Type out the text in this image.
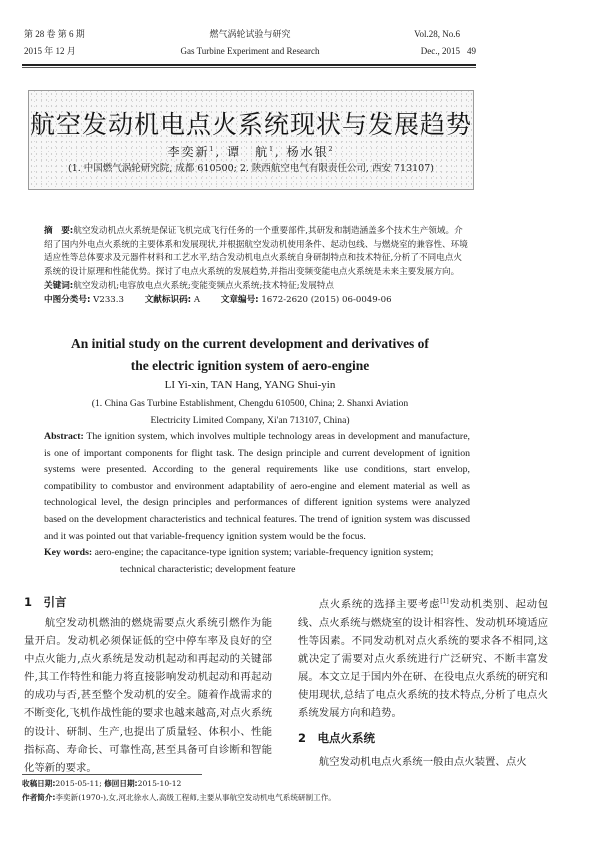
第 28 卷 第 6 期
2015 年 12 月
燃气涡轮试验与研究
Gas Turbine Experiment and Research
Vol.28, No.6
Dec., 2015 49
航空发动机电点火系统现状与发展趋势
李奕新$^1$, 谭　航$^1$, 杨水银$^2$
(1. 中国燃气涡轮研究院, 成都 610500; 2. 陕西航空电气有限责任公司, 西安 713107)
摘　要:航空发动机点火系统是保证飞机完成飞行任务的一个重要部件,其研发和制造涵盖多个技术生产领域。介绍了国内外电点火系统的主要体系和发展现状,并根据航空发动机使用条件、起动包线、与燃烧室的兼容性、环境适应性等总体要求及元器件材料和工艺水平,结合发动机电点火系统自身研制特点和技术特征,分析了不同电点火系统的设计原理和性能优势。探讨了电点火系统的发展趋势,并指出变频变能电点火系统是未来主要发展方向。
关键词:航空发动机;电容放电点火系统;变能变频点火系统;技术特征;发展特点
中图分类号: V233.3 文献标识码: A 文章编号: 1672-2620 (2015) 06-0049-06
An initial study on the current development and derivatives of
the electric ignition system of aero-engine
LI Yi-xin, TAN Hang, YANG Shui-yin
(1. China Gas Turbine Establishment, Chengdu 610500, China; 2. Shanxi Aviation
Electricity Limited Company, Xi'an 713107, China)
Abstract: The ignition system, which involves multiple technology areas in development and manufacture, is one of important components for flight task. The design principle and current development of ignition systems were presented. According to the general requirements like use conditions, start envelop, compatibility to combustor and environment adaptability of aero-engine and element material as well as technological level, the design principles and performances of different ignition systems were analyzed based on the development characteristics and technical features. The trend of ignition system was discussed and it was pointed out that variable-frequency ignition system would be the focus.
Key words: aero-engine; the capacitance-type ignition system; variable-frequency ignition system;
technical characteristic; development feature
1　引言

航空发动机燃油的燃烧需要点火系统引燃作为能量开启。发动机必须保证低的空中停车率及良好的空中点火能力,点火系统是发动机起动和再起动的关键部件,其工作特性和能力将直接影响发动机起动和再起动的成功与否,甚至整个发动机的安全。随着作战需求的不断变化,飞机作战性能的要求也越来越高,对点火系统的设计、研制、生产,也提出了质量轻、体积小、性能指标高、寿命长、可靠性高,甚至具备可自诊断和智能化等新的要求。

点火系统的选择主要考虑[1]发动机类别、起动包线、点火系统与燃烧室的设计相容性、发动机环境适应性等因素。不同发动机对点火系统的要求各不相同,这就决定了需要对点火系统进行广泛研究、不断丰富发展。本文立足于国内外在研、在役电点火系统的研究和使用现状,总结了电点火系统的技术特点,分析了电点火系统发展方向和趋势。

2　电点火系统

航空发动机电点火系统一般由点火装置、点火

收稿日期:2015-05-11; 修回日期:2015-10-12
作者简介:李奕新(1970-),女,河北徐水人,高级工程师,主要从事航空发动机电气系统研制工作。
